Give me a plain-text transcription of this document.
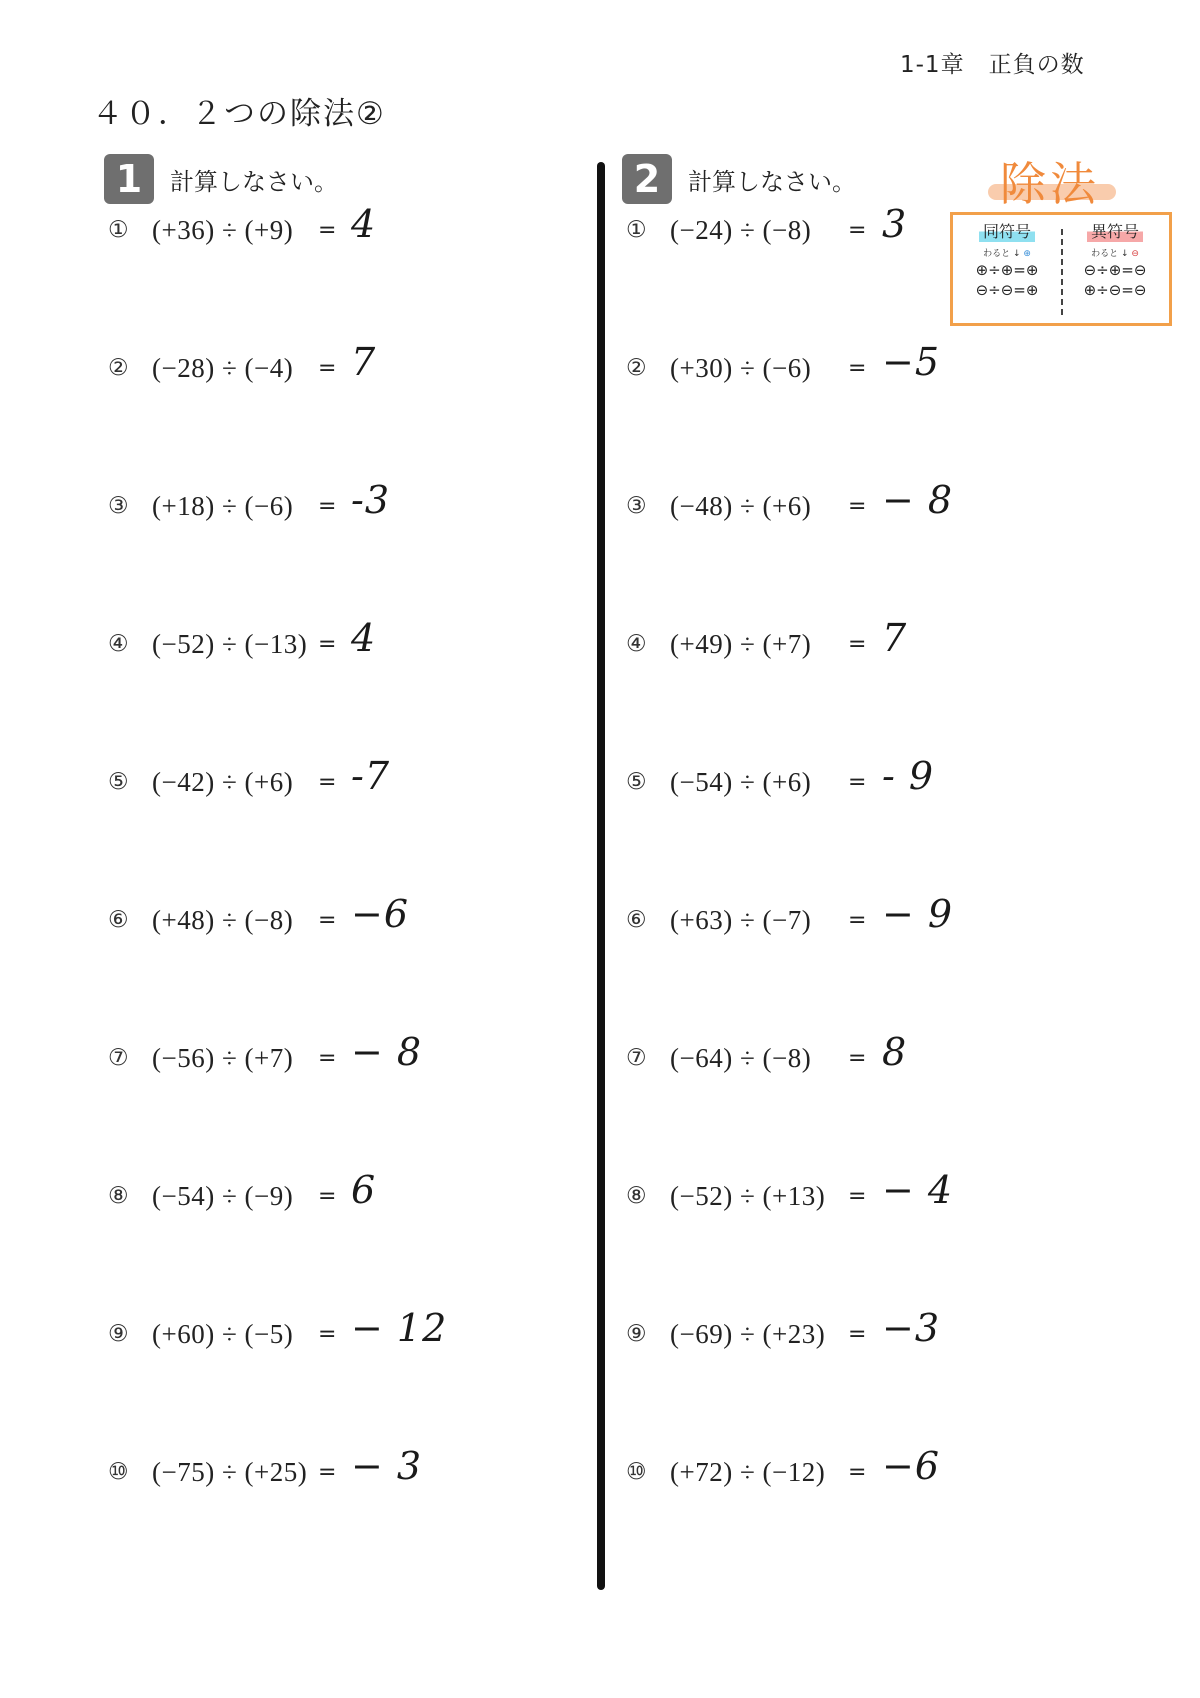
1-1章　正負の数
４０．２つの除法②
1	計算しなさい。	2	計算しなさい。	除法
同符号
わると ↓ ⊕
⊕÷⊕=⊕
⊖÷⊖=⊕
異符号
わると ↓ ⊖
⊖÷⊕=⊖
⊕÷⊖=⊖
① (+36) ÷ (+9) = 4
② (−28) ÷ (−4) = 7
③ (+18) ÷ (−6) = -3
④ (−52) ÷ (−13) = 4
⑤ (−42) ÷ (+6) = -7
⑥ (+48) ÷ (−8) = −6
⑦ (−56) ÷ (+7) = − 8
⑧ (−54) ÷ (−9) = 6
⑨ (+60) ÷ (−5) = − 12
⑩ (−75) ÷ (+25) = − 3
① (−24) ÷ (−8) = 3
② (+30) ÷ (−6) = −5
③ (−48) ÷ (+6) = − 8
④ (+49) ÷ (+7) = 7
⑤ (−54) ÷ (+6) = - 9
⑥ (+63) ÷ (−7) = − 9
⑦ (−64) ÷ (−8) = 8
⑧ (−52) ÷ (+13) = − 4
⑨ (−69) ÷ (+23) = −3
⑩ (+72) ÷ (−12) = −6
